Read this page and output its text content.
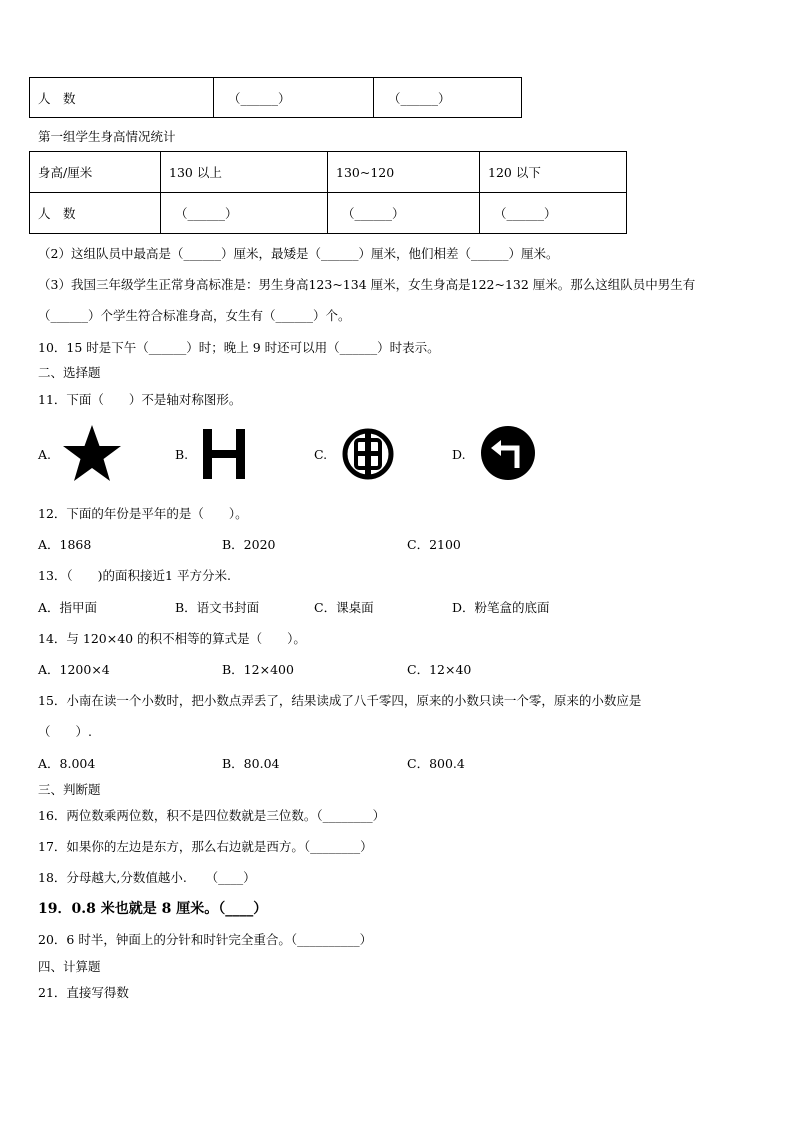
人　数	（______）	（______）
第一组学生身高情况统计
身高/厘米	130 以上	130~120	120 以下
人　数	（______）	（______）	（______）
（2）这组队员中最高是（______）厘米，最矮是（______）厘米，他们相差（______）厘米。
（3）我国三年级学生正常身高标准是：男生身高123~134 厘米，女生身高是122~132 厘米。那么这组队员中男生有
（______）个学生符合标准身高，女生有（______）个。
10．15 时是下午（______）时；晚上 9 时还可以用（______）时表示。
二、选择题
11．下面（　　）不是轴对称图形。
A.	B.	C.	D.
12．下面的年份是平年的是（　　）。
A．1868	B．2020	C．2100
13．（　　)的面积接近1 平方分米.
A．指甲面	B．语文书封面	C．课桌面	D．粉笔盒的底面
14．与 120×40 的积不相等的算式是（　　）。
A．1200×4	B．12×400	C．12×40
15．小南在读一个小数时，把小数点弄丢了，结果读成了八千零四，原来的小数只读一个零，原来的小数应是
（　　）.
A．8.004	B．80.04	C．800.4
三、判断题
16．两位数乘两位数，积不是四位数就是三位数。（________）
17．如果你的左边是东方，那么右边就是西方。（________）
18．分母越大,分数值越小.　　（____）
19．0.8 米也就是 8 厘米。（____）
20．6 时半，钟面上的分针和时针完全重合。（__________）
四、计算题
21．直接写得数
